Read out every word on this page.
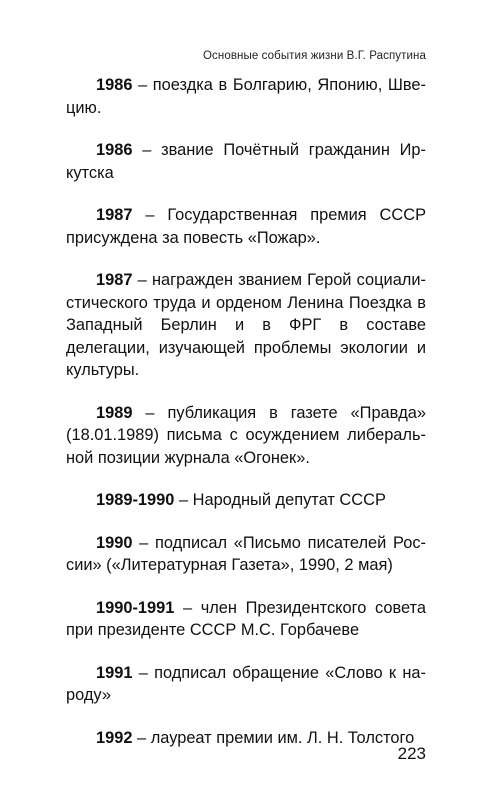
Основные события жизни В.Г. Распутина

1986 – поездка в Болгарию, Японию, Швецию.

1986 – звание Почётный гражданин Иркутска

1987 – Государственная премия СССР присуждена за повесть «Пожар».

1987 – награжден званием Герой социалистического труда и орденом Ленина Поездка в Западный Берлин и в ФРГ в составе делегации, изучающей проблемы экологии и культуры.

1989 – публикация в газете «Правда» (18.01.1989) письма с осуждением либеральной позиции журнала «Огонек».

1989-1990 – Народный депутат СССР

1990 – подписал «Письмо писателей России» («Литературная Газета», 1990, 2 мая)

1990-1991 – член Президентского совета при президенте СССР М.С. Горбачеве

1991 – подписал обращение «Слово к народу»

1992 – лауреат премии им. Л. Н. Толстого

223
